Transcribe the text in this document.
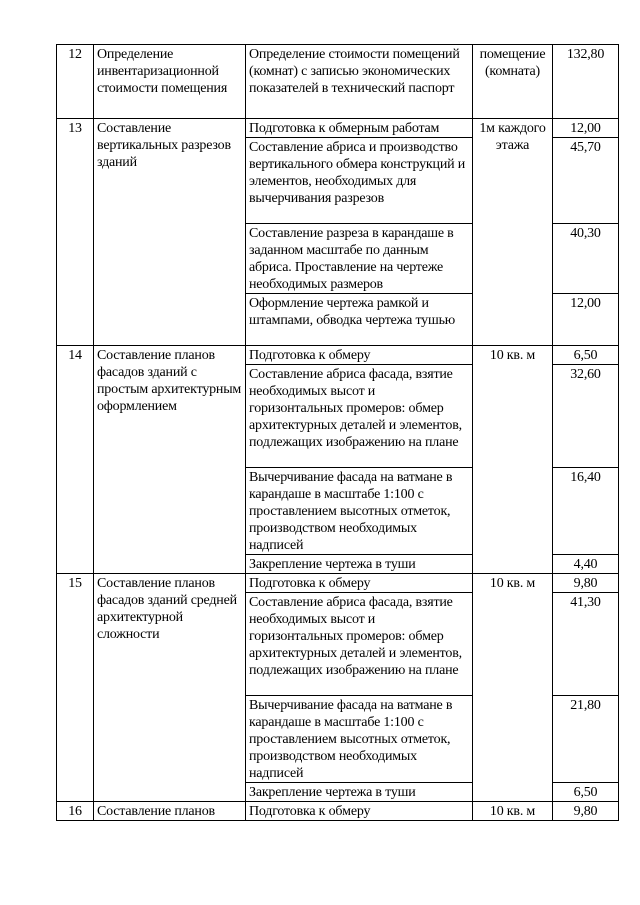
12	Определение инвентаризационной стоимости помещения	Определение стоимости помещений (комнат) с записью экономических показателей в технический паспорт	помещение (комната)	132,80
13	Составление вертикальных разрезов зданий	Подготовка к обмерным работам	1м каждого этажа	12,00
		Составление абриса и производство вертикального обмера конструкций и элементов, необходимых для вычерчивания разрезов		45,70
		Составление разреза в карандаше в заданном масштабе по данным абриса. Проставление на чертеже необходимых размеров		40,30
		Оформление чертежа рамкой и штампами, обводка чертежа тушью		12,00
14	Составление планов фасадов зданий с простым архитектурным оформлением	Подготовка к обмеру	10 кв. м	6,50
		Составление абриса фасада, взятие необходимых высот и горизонтальных промеров: обмер архитектурных деталей и элементов, подлежащих изображению на плане		32,60
		Вычерчивание фасада на ватмане в карандаше в масштабе 1:100 с проставлением высотных отметок, производством необходимых надписей		16,40
		Закрепление чертежа в туши		4,40
15	Составление планов фасадов зданий средней архитектурной сложности	Подготовка к обмеру	10 кв. м	9,80
		Составление абриса фасада, взятие необходимых высот и горизонтальных промеров: обмер архитектурных деталей и элементов, подлежащих изображению на плане		41,30
		Вычерчивание фасада на ватмане в карандаше в масштабе 1:100 с проставлением высотных отметок, производством необходимых надписей		21,80
		Закрепление чертежа в туши		6,50
16	Составление планов	Подготовка к обмеру	10 кв. м	9,80
